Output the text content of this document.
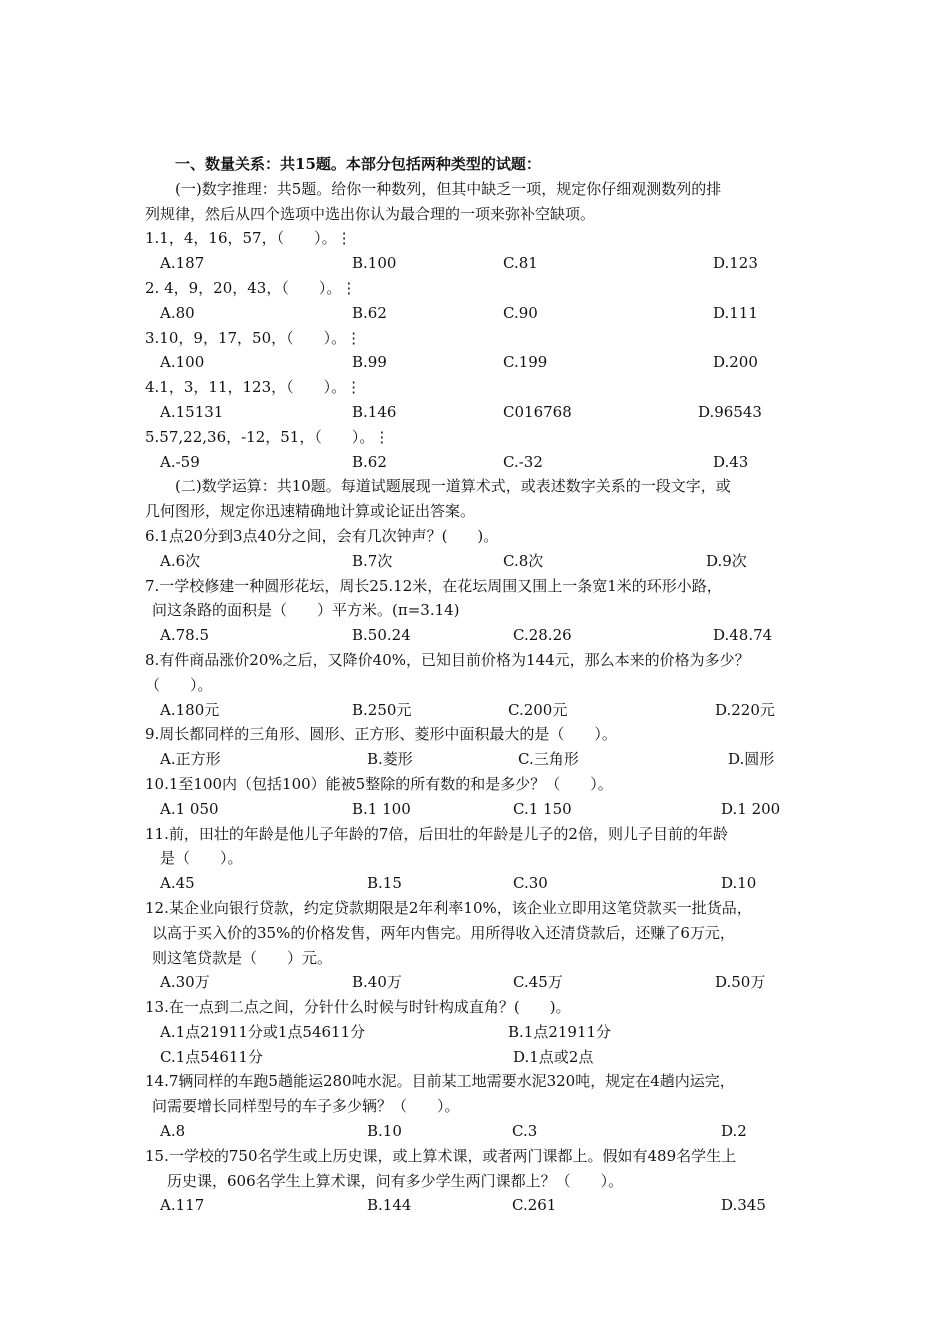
一、数量关系：共15题。本部分包括两种类型的试题：
(一)数字推理：共5题。给你一种数列，但其中缺乏一项，规定你仔细观测数列的排
列规律，然后从四个选项中选出你认为最合理的一项来弥补空缺项。
1.1，4，16，57，（　　）。⋮
A.187	B.100	C.81	D.123
2. 4，9，20，43，（　　）。⋮
A.80	B.62	C.90	D.111
3.10，9，17，50，（　　）。⋮
A.100	B.99	C.199	D.200
4.1，3，11，123，（　　）。⋮
A.15131	B.146	C016768	D.96543
5.57,22,36，-12，51，（　　）。⋮
A.-59	B.62	C.-32	D.43
(二)数学运算：共10题。每道试题展现一道算术式，或表述数字关系的一段文字，或
几何图形，规定你迅速精确地计算或论证出答案。
6.1点20分到3点40分之间，会有几次钟声？(　　)。
A.6次	B.7次	C.8次	D.9次
7.一学校修建一种圆形花坛，周长25.12米，在花坛周围又围上一条宽1米的环形小路，
问这条路的面积是（　　）平方米。(π=3.14)
A.78.5	B.50.24	C.28.26	D.48.74
8.有件商品涨价20%之后，又降价40%，已知目前价格为144元，那么本来的价格为多少？
（　　）。
A.180元	B.250元	C.200元	D.220元
9.周长都同样的三角形、圆形、正方形、菱形中面积最大的是（　　）。
A.正方形	B.菱形	C.三角形	D.圆形
10.1至100内（包括100）能被5整除的所有数的和是多少？（　　）。
A.1 050	B.1 100	C.1 150	D.1 200
11.前，田壮的年龄是他儿子年龄的7倍，后田壮的年龄是儿子的2倍，则儿子目前的年龄
是（　　）。
A.45	B.15	C.30	D.10
12.某企业向银行贷款，约定贷款期限是2年利率10%，该企业立即用这笔贷款买一批货品，
以高于买入价的35%的价格发售，两年内售完。用所得收入还清贷款后，还赚了6万元，
则这笔贷款是（　　）元。
A.30万	B.40万	C.45万	D.50万
13.在一点到二点之间，分针什么时候与时针构成直角？(　　)。
A.1点21911分或1点54611分	B.1点21911分
C.1点54611分	D.1点或2点
14.7辆同样的车跑5趟能运280吨水泥。目前某工地需要水泥320吨，规定在4趟内运完，
问需要增长同样型号的车子多少辆？（　　）。
A.8	B.10	C.3	D.2
15.一学校的750名学生或上历史课，或上算术课，或者两门课都上。假如有489名学生上
历史课，606名学生上算术课，问有多少学生两门课都上？（　　）。
A.117	B.144	C.261	D.345
